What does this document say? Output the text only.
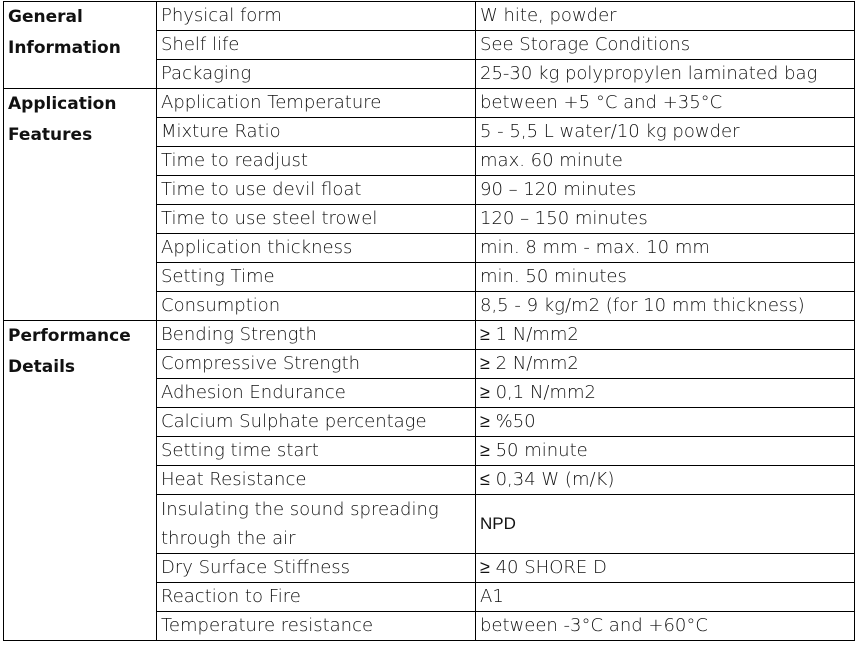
General Information	Physical form	W hite, powder
	Shelf life	See Storage Conditions
	Packaging	25-30 kg polypropylen laminated bag
Application Features	Application Temperature	between +5 °C and +35°C
	Mixture Ratio	5 - 5,5 L water/10 kg powder
	Time to readjust	max. 60 minute
	Time to use devil float	90 – 120 minutes
	Time to use steel trowel	120 – 150 minutes
	Application thickness	min. 8 mm - max. 10 mm
	Setting Time	min. 50 minutes
	Consumption	8,5 - 9 kg/m2 (for 10 mm thickness)
Performance Details	Bending Strength	≥ 1 N/mm2
	Compressive Strength	≥ 2 N/mm2
	Adhesion Endurance	≥ 0,1 N/mm2
	Calcium Sulphate percentage	≥ %50
	Setting time start	≥ 50 minute
	Heat Resistance	≤ 0,34 W (m/K)
	Insulating the sound spreading through the air	NPD
	Dry Surface Stiffness	≥ 40 SHORE D
	Reaction to Fire	A1
	Temperature resistance	between -3°C and +60°C
